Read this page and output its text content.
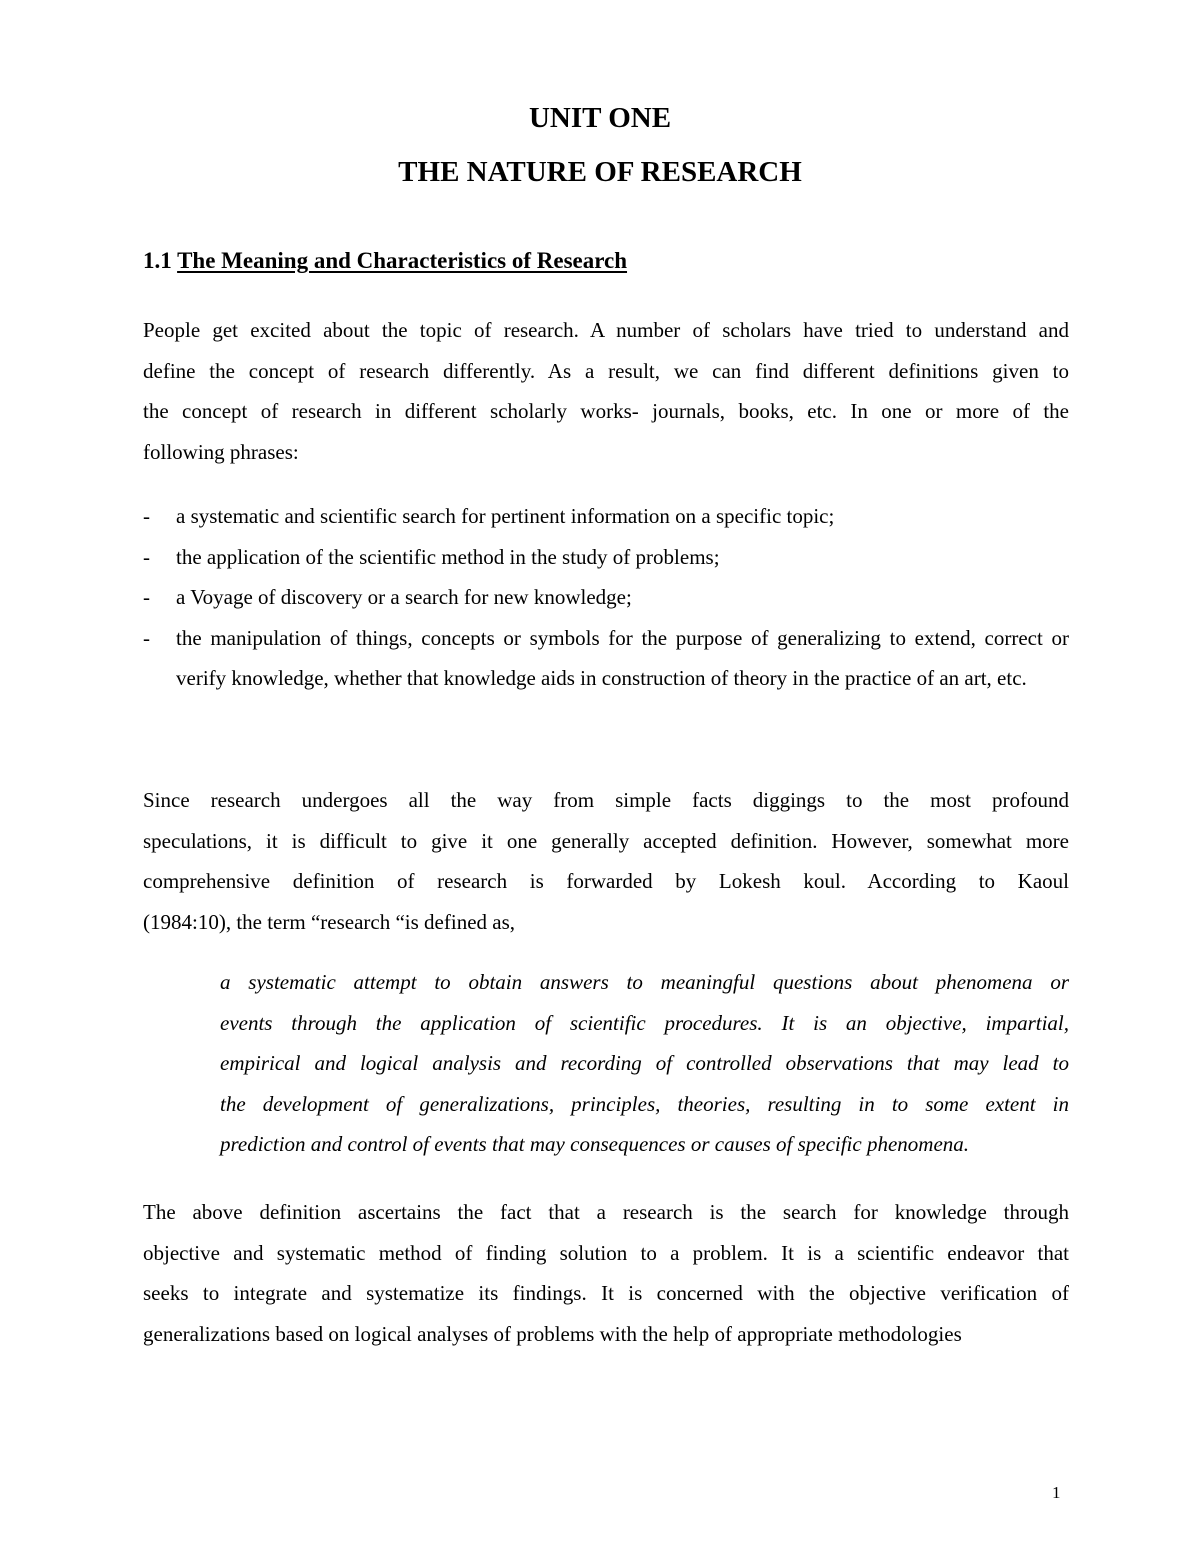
UNIT ONE
THE NATURE OF RESEARCH
1.1 The Meaning and Characteristics of Research
People get excited about the topic of research. A number of scholars have tried to understand and
define the concept of research differently. As a result, we can find different definitions given to
the concept of research in different scholarly works- journals, books, etc. In one or more of the
following phrases:
- a systematic and scientific search for pertinent information on a specific topic;
- the application of the scientific method in the study of problems;
- a Voyage of discovery or a search for new knowledge;
- the manipulation of things, concepts or symbols for the purpose of generalizing to extend, correct or verify knowledge, whether that knowledge aids in construction of theory in the practice of an art, etc.
Since research undergoes all the way from simple facts diggings to the most profound
speculations, it is difficult to give it one generally accepted definition. However, somewhat more
comprehensive definition of research is forwarded by Lokesh koul. According to Kaoul
(1984:10), the term “research “is defined as,
a systematic attempt to obtain answers to meaningful questions about phenomena or
events through the application of scientific procedures. It is an objective, impartial,
empirical and logical analysis and recording of controlled observations that may lead to
the development of generalizations, principles, theories, resulting in to some extent in
prediction and control of events that may consequences or causes of specific phenomena.
The above definition ascertains the fact that a research is the search for knowledge through
objective and systematic method of finding solution to a problem. It is a scientific endeavor that
seeks to integrate and systematize its findings. It is concerned with the objective verification of
generalizations based on logical analyses of problems with the help of appropriate methodologies
1
